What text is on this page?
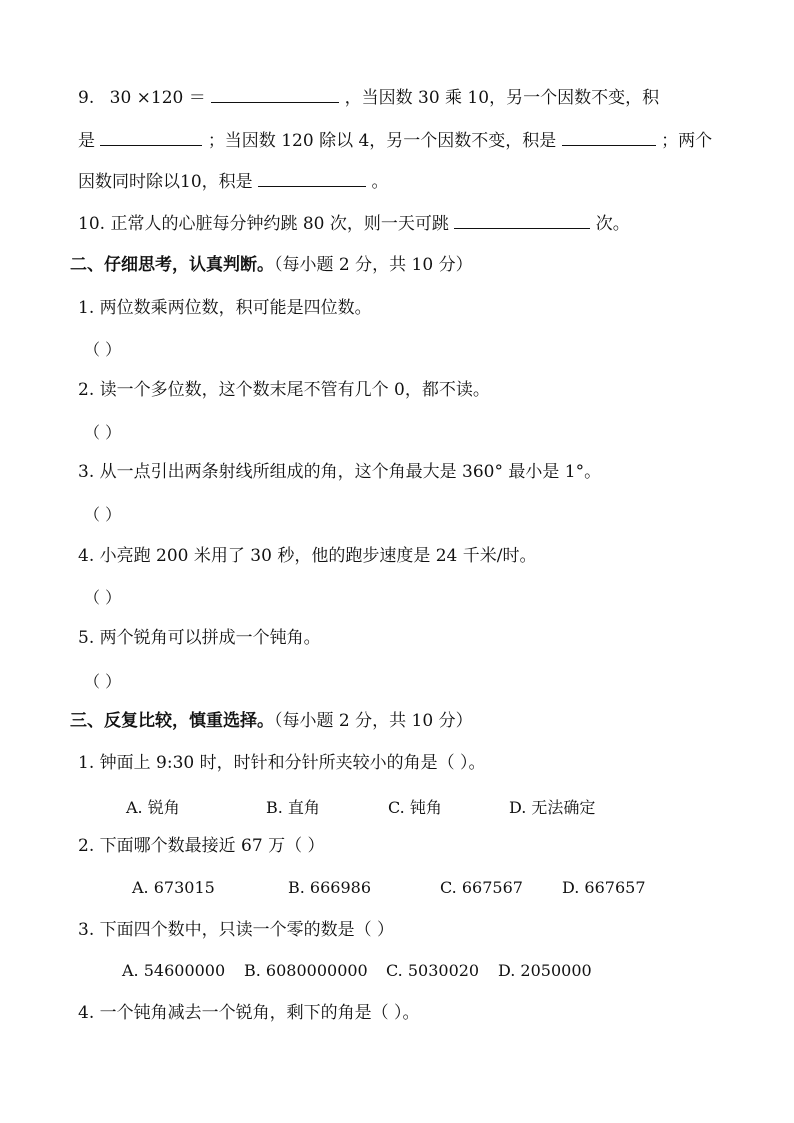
9. 30 ×120 ＝	，当因数 30 乘 10，另一个因数不变，积
是	；当因数 120 除以 4，另一个因数不变，积是	；两个
因数同时除以10，积是	。
10. 正常人的心脏每分钟约跳 80 次，则一天可跳	次。
二、仔细思考，认真判断。（每小题 2 分，共 10 分）
1. 两位数乘两位数，积可能是四位数。
（ ）
2. 读一个多位数，这个数末尾不管有几个 0，都不读。
（ ）
3. 从一点引出两条射线所组成的角，这个角最大是 360° 最小是 1°。
（ ）
4. 小亮跑 200 米用了 30 秒，他的跑步速度是 24 千米/时。
（ ）
5. 两个锐角可以拼成一个钝角。
（ ）
三、反复比较，慎重选择。（每小题 2 分，共 10 分）
1. 钟面上 9:30 时，时针和分针所夹较小的角是（ ）。
A. 锐角	B. 直角	C. 钝角	D. 无法确定
2. 下面哪个数最接近 67 万（ ）
A. 673015	B. 666986	C. 667567 D. 667657
3. 下面四个数中，只读一个零的数是（ ）
A. 54600000 B. 6080000000 C. 5030020 D. 2050000
4. 一个钝角减去一个锐角，剩下的角是（ ）。
